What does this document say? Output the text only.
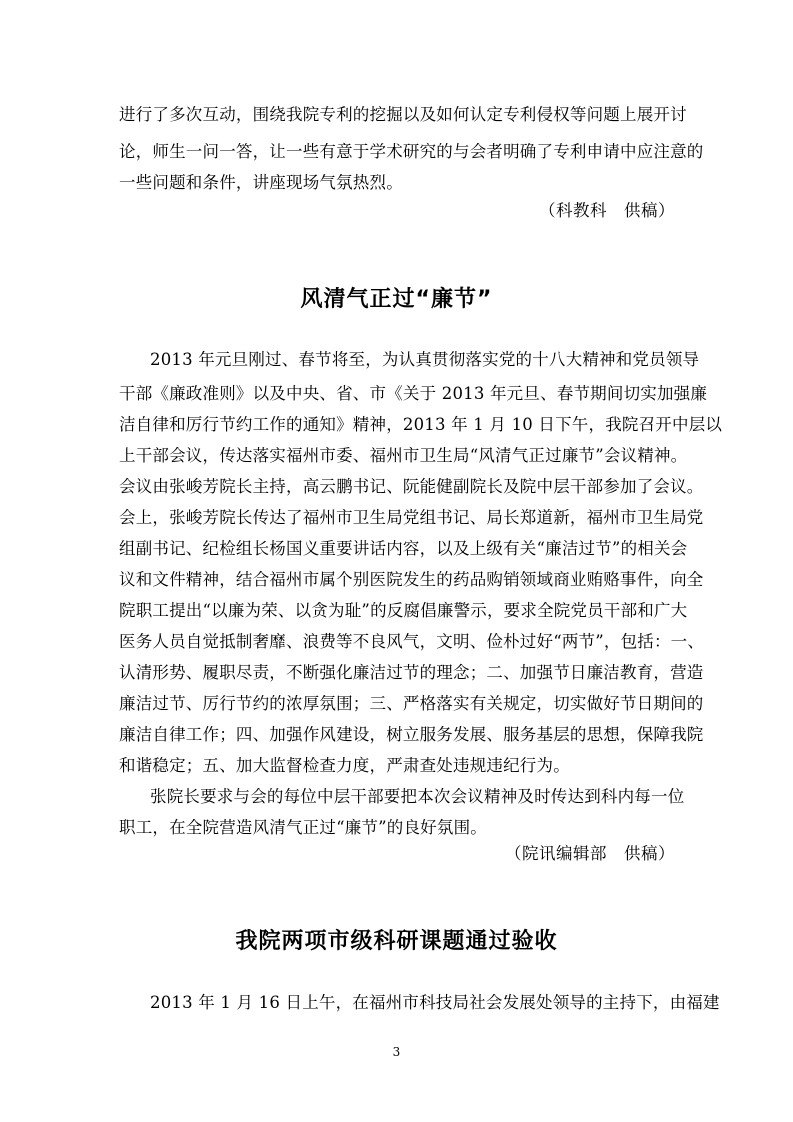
进行了多次互动，围绕我院专利的挖掘以及如何认定专利侵权等问题上展开讨
论，师生一问一答，让一些有意于学术研究的与会者明确了专利申请中应注意的
一些问题和条件，讲座现场气氛热烈。
（科教科　供稿）
风清气正过“廉节”
2013 年元旦刚过、春节将至，为认真贯彻落实党的十八大精神和党员领导
干部《廉政准则》以及中央、省、市《关于 2013 年元旦、春节期间切实加强廉
洁自律和厉行节约工作的通知》精神，2013 年 1 月 10 日下午，我院召开中层以
上干部会议，传达落实福州市委、福州市卫生局“风清气正过廉节”会议精神。
会议由张峻芳院长主持，高云鹏书记、阮能健副院长及院中层干部参加了会议。
会上，张峻芳院长传达了福州市卫生局党组书记、局长郑道新，福州市卫生局党
组副书记、纪检组长杨国义重要讲话内容，以及上级有关“廉洁过节”的相关会
议和文件精神，结合福州市属个别医院发生的药品购销领域商业贿赂事件，向全
院职工提出“以廉为荣、以贪为耻”的反腐倡廉警示，要求全院党员干部和广大
医务人员自觉抵制奢靡、浪费等不良风气，文明、俭朴过好“两节”，包括：一、
认清形势、履职尽责，不断强化廉洁过节的理念；二、加强节日廉洁教育，营造
廉洁过节、厉行节约的浓厚氛围；三、严格落实有关规定，切实做好节日期间的
廉洁自律工作；四、加强作风建设，树立服务发展、服务基层的思想，保障我院
和谐稳定；五、加大监督检查力度，严肃查处违规违纪行为。
张院长要求与会的每位中层干部要把本次会议精神及时传达到科内每一位
职工，在全院营造风清气正过“廉节”的良好氛围。
（院讯编辑部　供稿）
我院两项市级科研课题通过验收
2013 年 1 月 16 日上午，在福州市科技局社会发展处领导的主持下，由福建
3
